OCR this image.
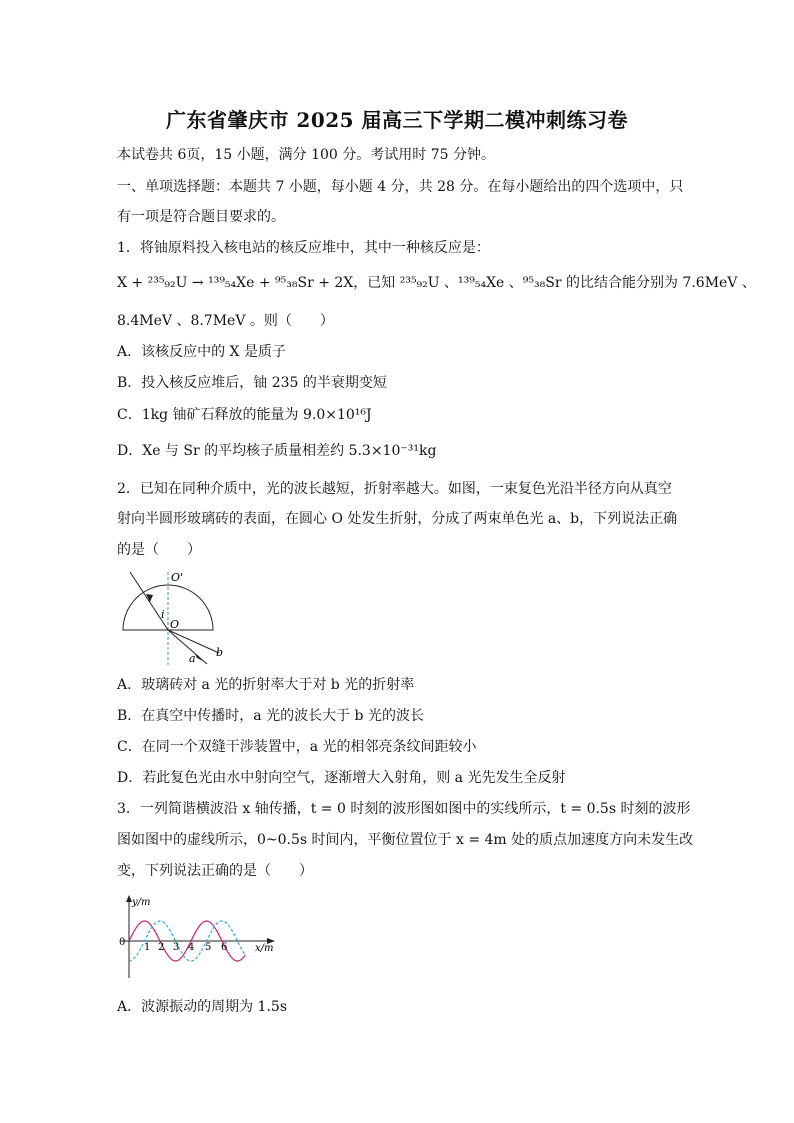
广东省肇庆市 2025 届高三下学期二模冲刺练习卷
本试卷共 6页，15 小题，满分 100 分。考试用时 75 分钟。
一、单项选择题：本题共 7 小题，每小题 4 分，共 28 分。在每小题给出的四个选项中，只
有一项是符合题目要求的。
1．将铀原料投入核电站的核反应堆中，其中一种核反应是：
X + ²³⁵₉₂U → ¹³⁹₅₄Xe + ⁹⁵₃₈Sr + 2X，已知 ²³⁵₉₂U 、¹³⁹₅₄Xe 、⁹⁵₃₈Sr 的比结合能分别为 7.6MeV 、
8.4MeV 、8.7MeV 。则（　　）
A．该核反应中的 X 是质子
B．投入核反应堆后，铀 235 的半衰期变短
C．1kg 铀矿石释放的能量为 9.0×10¹⁶J
D．Xe 与 Sr 的平均核子质量相差约 5.3×10⁻³¹kg
2．已知在同种介质中，光的波长越短，折射率越大。如图，一束复色光沿半径方向从真空
射向半圆形玻璃砖的表面，在圆心 O 处发生折射，分成了两束单色光 a、b，下列说法正确
的是（　　）
O'
i
O
a b
A．玻璃砖对 a 光的折射率大于对 b 光的折射率
B．在真空中传播时，a 光的波长大于 b 光的波长
C．在同一个双缝干涉装置中，a 光的相邻亮条纹间距较小
D．若此复色光由水中射向空气，逐渐增大入射角，则 a 光先发生全反射
3．一列简谐横波沿 x 轴传播，t = 0 时刻的波形图如图中的实线所示，t = 0.5s 时刻的波形
图如图中的虚线所示，0~0.5s 时间内，平衡位置位于 x = 4m 处的质点加速度方向未发生改
变，下列说法正确的是（　　）
y/m
0 1 2 3 4 5 6	x/m
A．波源振动的周期为 1.5s
